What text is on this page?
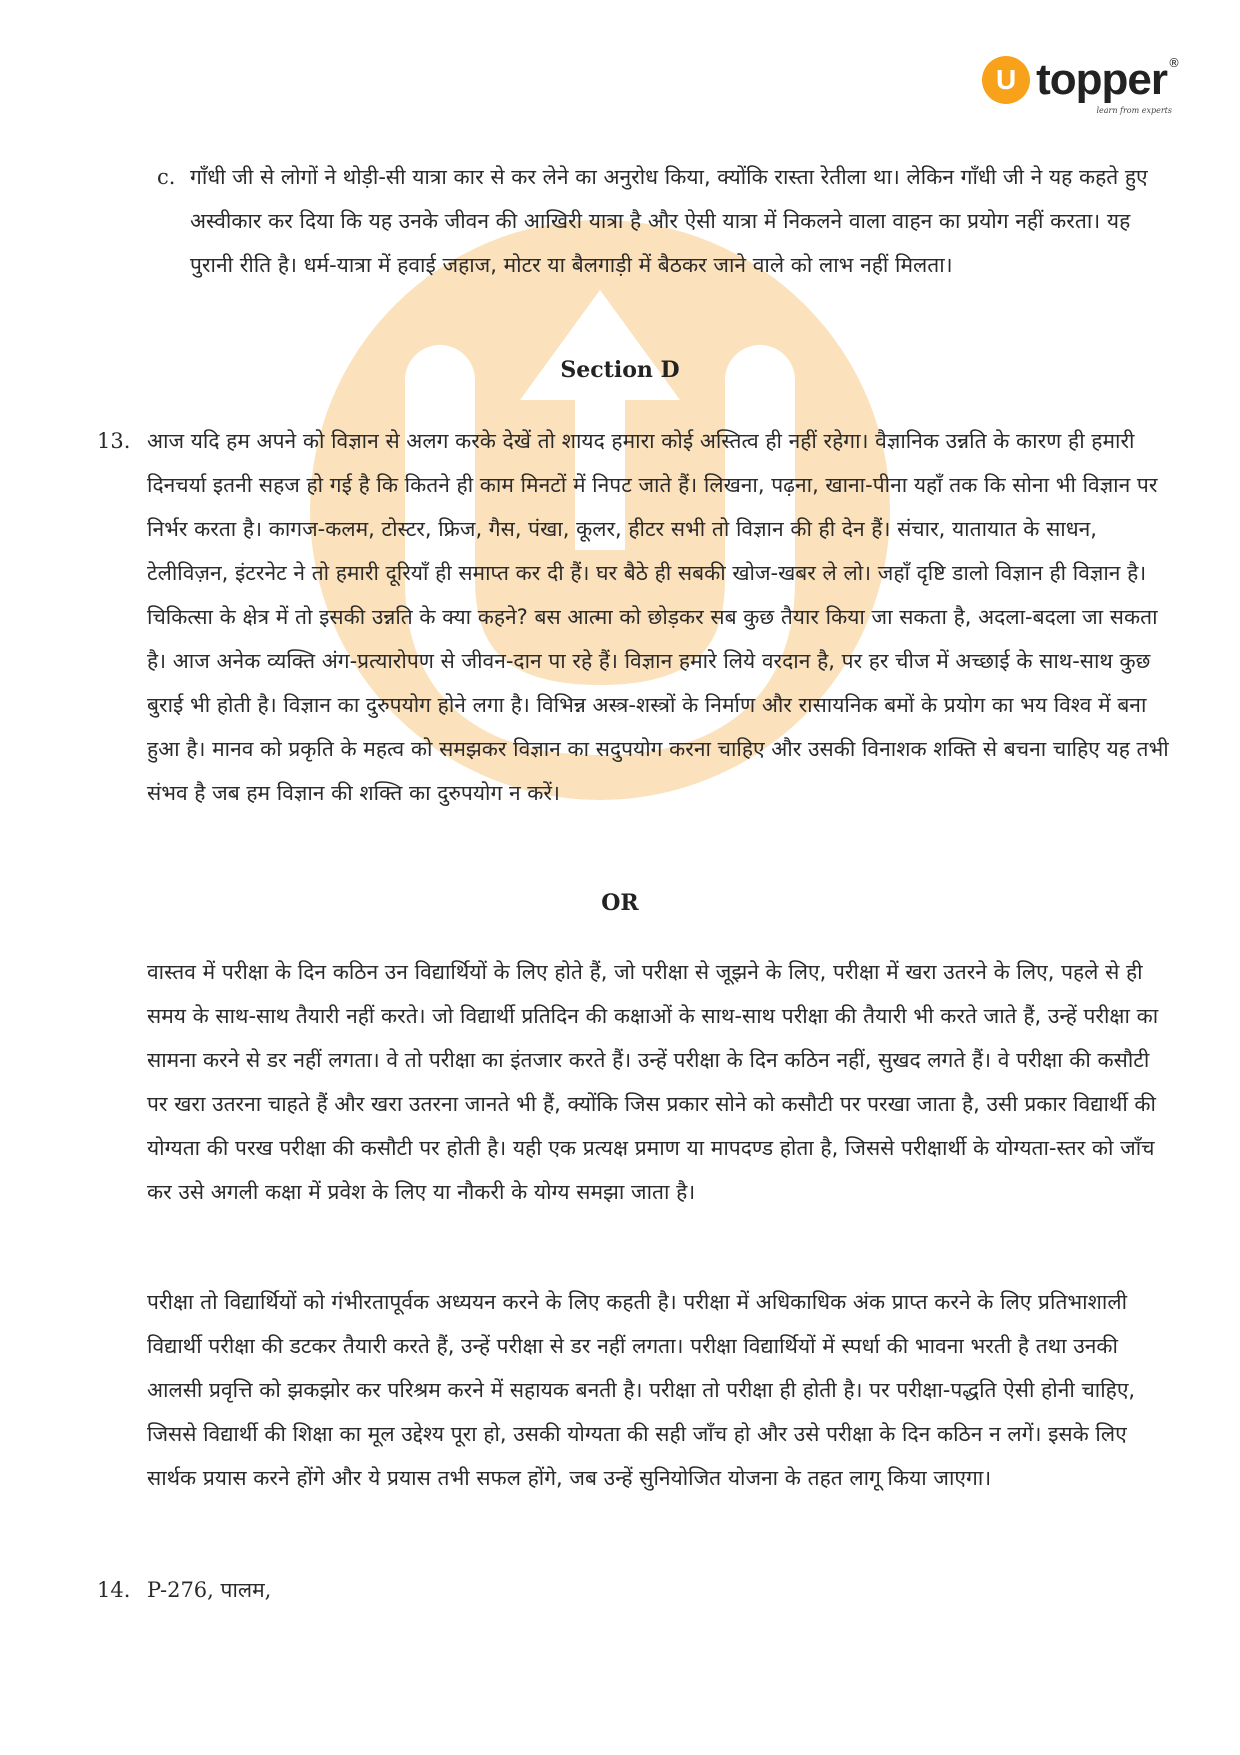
U topper ®
learn from experts
c. गाँधी जी से लोगों ने थोड़ी-सी यात्रा कार से कर लेने का अनुरोध किया, क्योंकि रास्ता रेतीला था। लेकिन गाँधी जी ने यह कहते हुए अस्वीकार कर दिया कि यह उनके जीवन की आखिरी यात्रा है और ऐसी यात्रा में निकलने वाला वाहन का प्रयोग नहीं करता। यह पुरानी रीति है। धर्म-यात्रा में हवाई जहाज, मोटर या बैलगाड़ी में बैठकर जाने वाले को लाभ नहीं मिलता।
Section D
13. आज यदि हम अपने को विज्ञान से अलग करके देखें तो शायद हमारा कोई अस्तित्व ही नहीं रहेगा। वैज्ञानिक उन्नति के कारण ही हमारी दिनचर्या इतनी सहज हो गई है कि कितने ही काम मिनटों में निपट जाते हैं। लिखना, पढ़ना, खाना-पीना यहाँ तक कि सोना भी विज्ञान पर निर्भर करता है। कागज-कलम, टोस्टर, फ्रिज, गैस, पंखा, कूलर, हीटर सभी तो विज्ञान की ही देन हैं। संचार, यातायात के साधन, टेलीविज़न, इंटरनेट ने तो हमारी दूरियाँ ही समाप्त कर दी हैं। घर बैठे ही सबकी खोज-खबर ले लो। जहाँ दृष्टि डालो विज्ञान ही विज्ञान है। चिकित्सा के क्षेत्र में तो इसकी उन्नति के क्या कहने? बस आत्मा को छोड़कर सब कुछ तैयार किया जा सकता है, अदला-बदला जा सकता है। आज अनेक व्यक्ति अंग-प्रत्यारोपण से जीवन-दान पा रहे हैं। विज्ञान हमारे लिये वरदान है, पर हर चीज में अच्छाई के साथ-साथ कुछ बुराई भी होती है। विज्ञान का दुरुपयोग होने लगा है। विभिन्न अस्त्र-शस्त्रों के निर्माण और रासायनिक बमों के प्रयोग का भय विश्व में बना हुआ है। मानव को प्रकृति के महत्व को समझकर विज्ञान का सदुपयोग करना चाहिए और उसकी विनाशक शक्ति से बचना चाहिए यह तभी संभव है जब हम विज्ञान की शक्ति का दुरुपयोग न करें।
OR
वास्तव में परीक्षा के दिन कठिन उन विद्यार्थियों के लिए होते हैं, जो परीक्षा से जूझने के लिए, परीक्षा में खरा उतरने के लिए, पहले से ही समय के साथ-साथ तैयारी नहीं करते। जो विद्यार्थी प्रतिदिन की कक्षाओं के साथ-साथ परीक्षा की तैयारी भी करते जाते हैं, उन्हें परीक्षा का सामना करने से डर नहीं लगता। वे तो परीक्षा का इंतजार करते हैं। उन्हें परीक्षा के दिन कठिन नहीं, सुखद लगते हैं। वे परीक्षा की कसौटी पर खरा उतरना चाहते हैं और खरा उतरना जानते भी हैं, क्योंकि जिस प्रकार सोने को कसौटी पर परखा जाता है, उसी प्रकार विद्यार्थी की योग्यता की परख परीक्षा की कसौटी पर होती है। यही एक प्रत्यक्ष प्रमाण या मापदण्ड होता है, जिससे परीक्षार्थी के योग्यता-स्तर को जाँच कर उसे अगली कक्षा में प्रवेश के लिए या नौकरी के योग्य समझा जाता है।
परीक्षा तो विद्यार्थियों को गंभीरतापूर्वक अध्ययन करने के लिए कहती है। परीक्षा में अधिकाधिक अंक प्राप्त करने के लिए प्रतिभाशाली विद्यार्थी परीक्षा की डटकर तैयारी करते हैं, उन्हें परीक्षा से डर नहीं लगता। परीक्षा विद्यार्थियों में स्पर्धा की भावना भरती है तथा उनकी आलसी प्रवृत्ति को झकझोर कर परिश्रम करने में सहायक बनती है। परीक्षा तो परीक्षा ही होती है। पर परीक्षा-पद्धति ऐसी होनी चाहिए, जिससे विद्यार्थी की शिक्षा का मूल उद्देश्य पूरा हो, उसकी योग्यता की सही जाँच हो और उसे परीक्षा के दिन कठिन न लगें। इसके लिए सार्थक प्रयास करने होंगे और ये प्रयास तभी सफल होंगे, जब उन्हें सुनियोजित योजना के तहत लागू किया जाएगा।
14. P-276, पालम,
